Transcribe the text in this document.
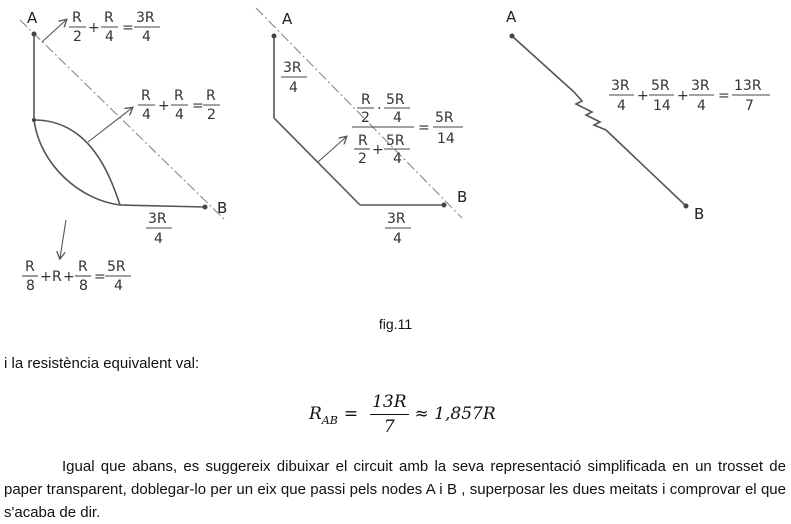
A
B
R
2
+
R
4
=
3R
4
R
4
+
R
4
=
R
2
3R
4
R
8
+ R +
R
8
=
5R
4
A
B
3R
4
R
2
·
5R
4
R
2
+
5R
4
=
5R
14
3R
4
A
B
3R
4
+
5R
14
+
3R
4
=
13R
7
fig.11
i la resistència equivalent val:
R AB = $\frac{13R}{7} \approx 1,857R$
Igual que abans, es suggereix dibuixar el circuit amb la seva representació simplificada en un trosset de paper transparent, doblegar-lo per un eix que passi pels nodes A i B , superposar les dues meitats i comprovar el que s'acaba de dir.
